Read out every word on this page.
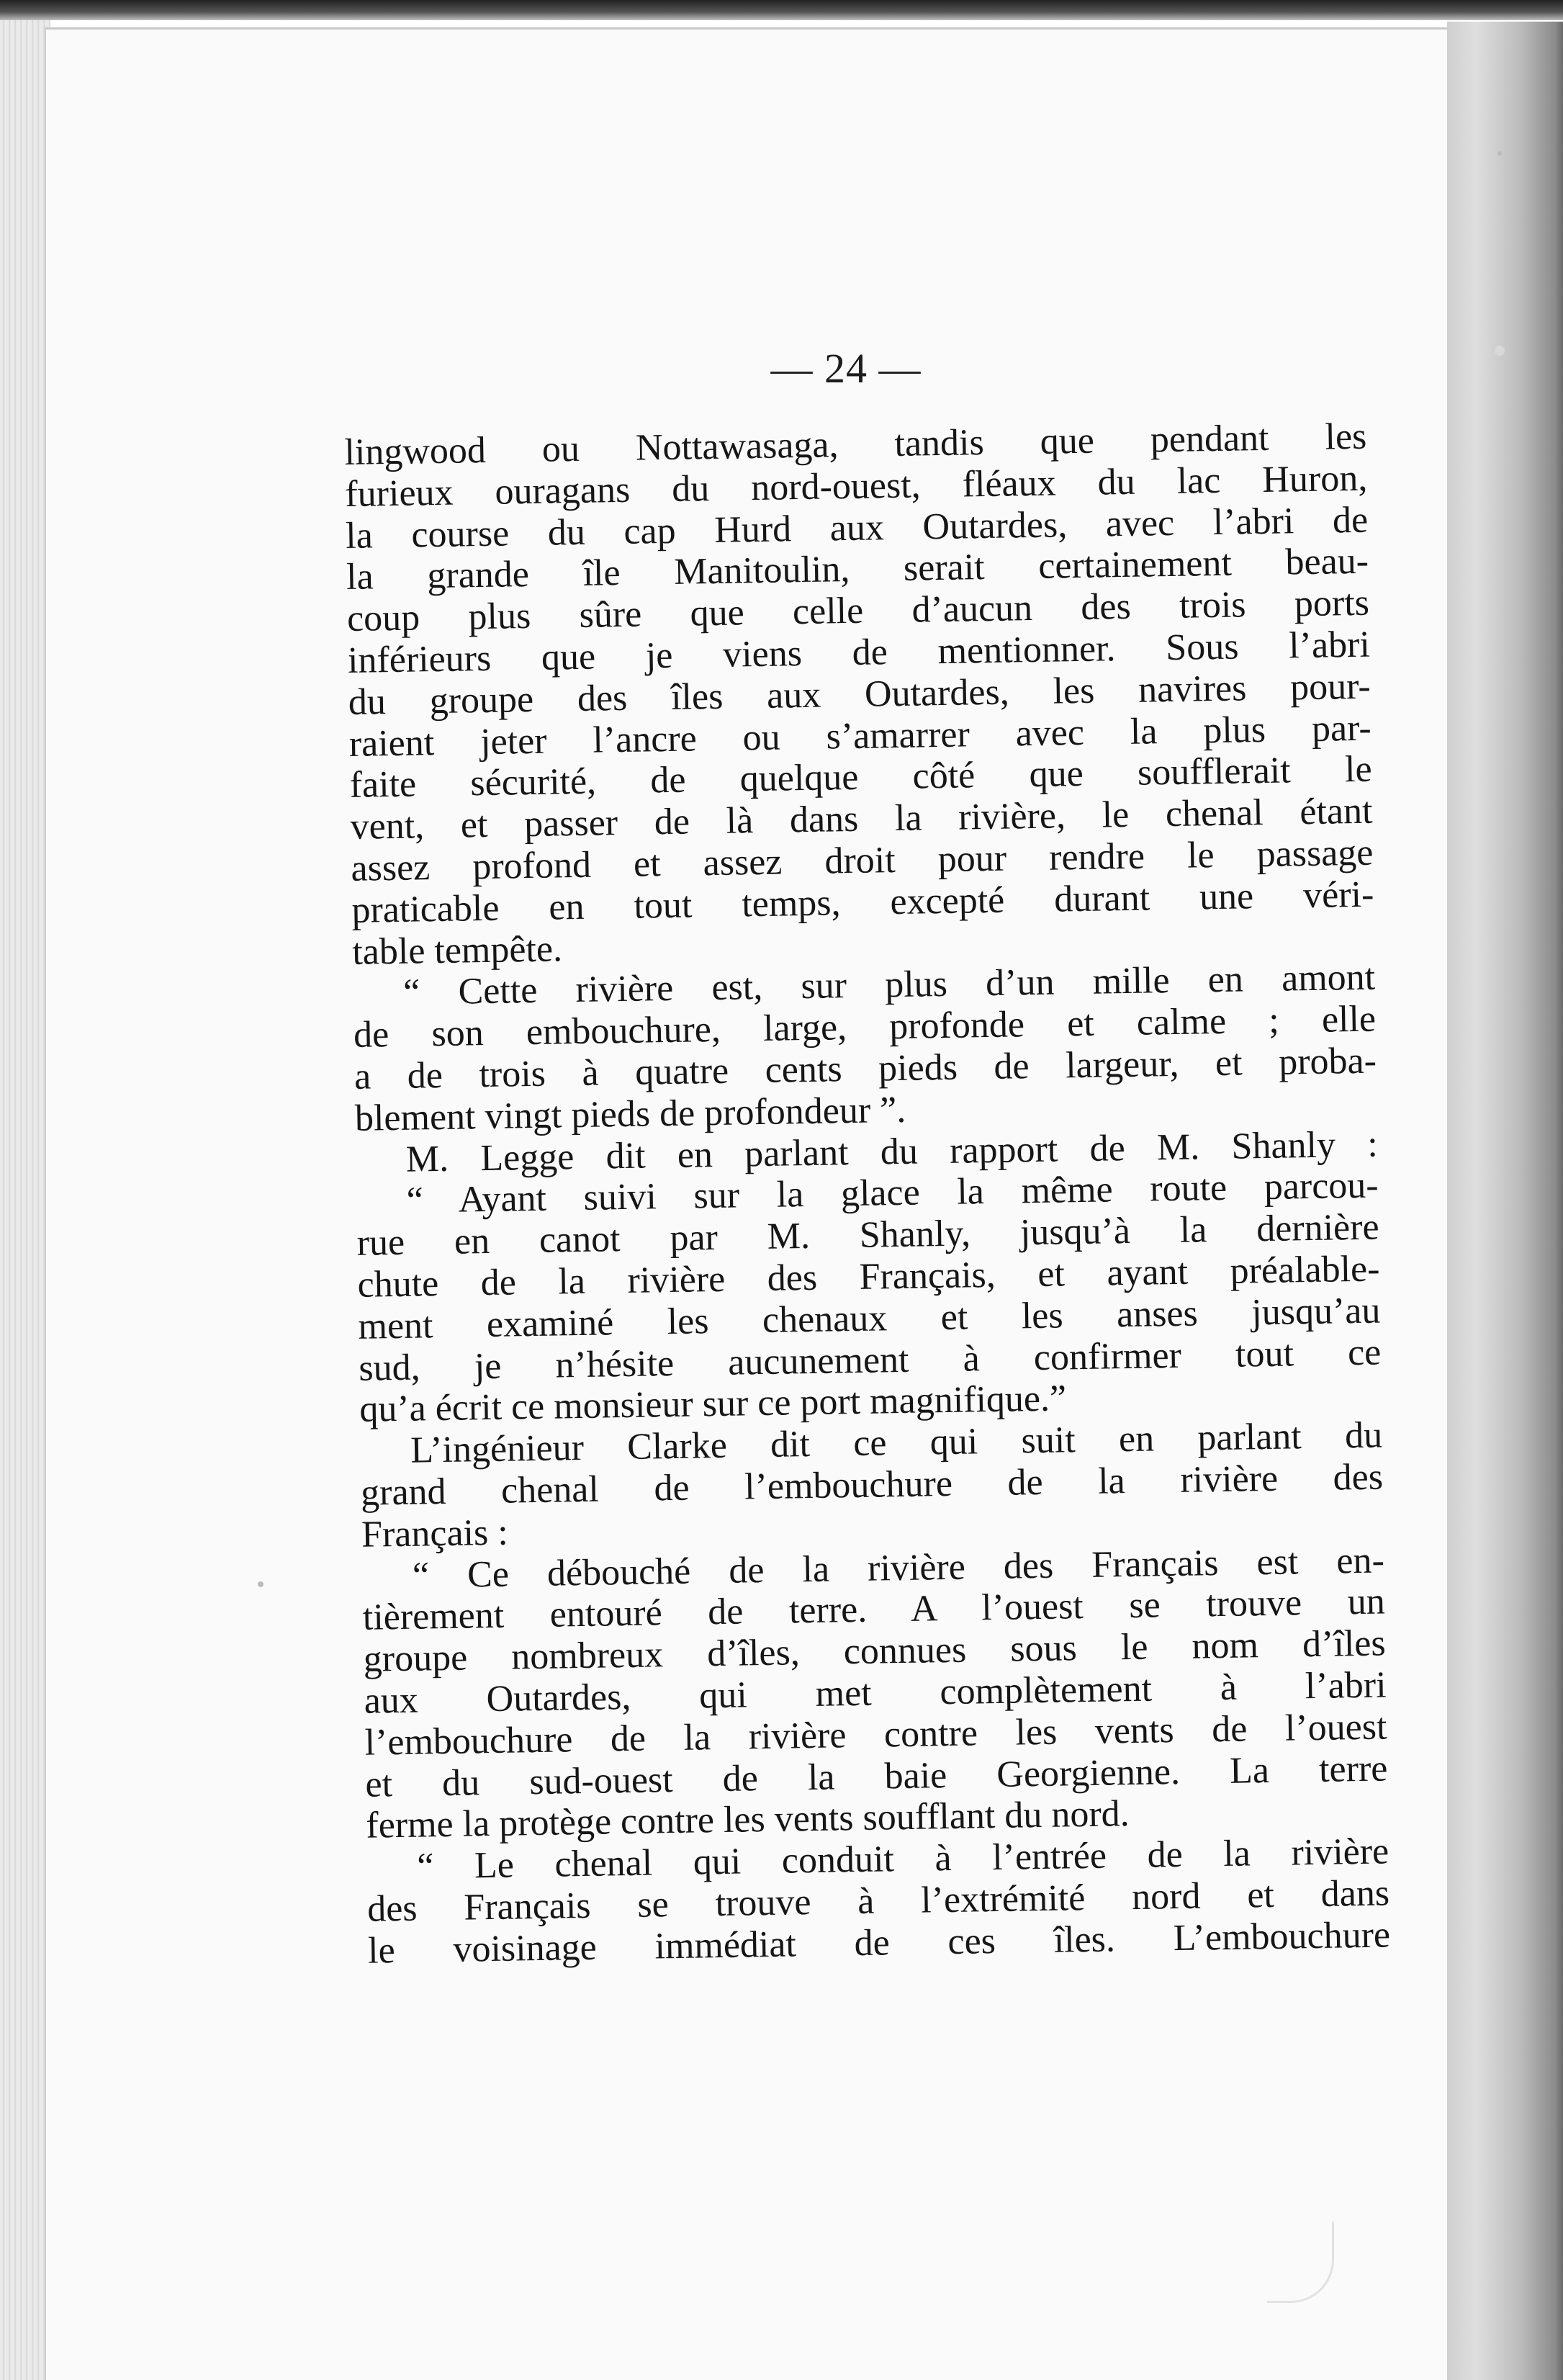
— 24 —
lingwood ou Nottawasaga, tandis que pendant les
furieux ouragans du nord-ouest, fléaux du lac Huron,
la course du cap Hurd aux Outardes, avec l’abri de
la grande île Manitoulin, serait certainement beau-
coup plus sûre que celle d’aucun des trois ports
inférieurs que je viens de mentionner. Sous l’abri
du groupe des îles aux Outardes, les navires pour-
raient jeter l’ancre ou s’amarrer avec la plus par-
faite sécurité, de quelque côté que soufflerait le
vent, et passer de là dans la rivière, le chenal étant
assez profond et assez droit pour rendre le passage
praticable en tout temps, excepté durant une véri-
table tempête.
“ Cette rivière est, sur plus d’un mille en amont
de son embouchure, large, profonde et calme ; elle
a de trois à quatre cents pieds de largeur, et proba-
blement vingt pieds de profondeur ”.
M. Legge dit en parlant du rapport de M. Shanly :
“ Ayant suivi sur la glace la même route parcou-
rue en canot par M. Shanly, jusqu’à la dernière
chute de la rivière des Français, et ayant préalable-
ment examiné les chenaux et les anses jusqu’au
sud, je n’hésite aucunement à confirmer tout ce
qu’a écrit ce monsieur sur ce port magnifique.”
L’ingénieur Clarke dit ce qui suit en parlant du
grand chenal de l’embouchure de la rivière des
Français :
“ Ce débouché de la rivière des Français est en-
tièrement entouré de terre. A l’ouest se trouve un
groupe nombreux d’îles, connues sous le nom d’îles
aux Outardes, qui met complètement à l’abri
l’embouchure de la rivière contre les vents de l’ouest
et du sud-ouest de la baie Georgienne. La terre
ferme la protège contre les vents soufflant du nord.
“ Le chenal qui conduit à l’entrée de la rivière
des Français se trouve à l’extrémité nord et dans
le voisinage immédiat de ces îles. L’embouchure
